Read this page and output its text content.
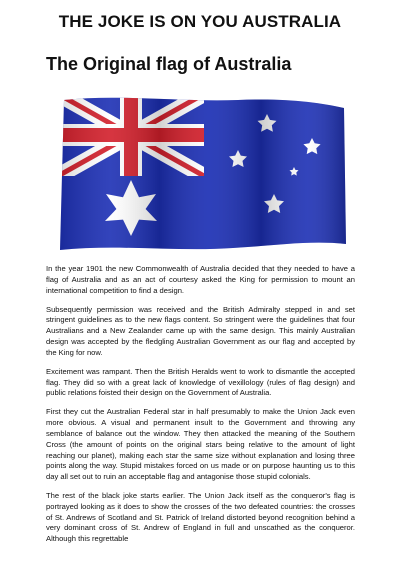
THE JOKE IS ON YOU AUSTRALIA
The Original flag of Australia

In the year 1901 the new Commonwealth of Australia decided that they needed to have a flag of Australia and as an act of courtesy asked the King for permission to mount an international competition to find a design.

Subsequently permission was received and the British Admiralty stepped in and set stringent guidelines as to the new flags content. So stringent were the guidelines that four Australians and a New Zealander came up with the same design. This mainly Australian design was accepted by the fledgling Australian Government as our flag and accepted by the King for now.

Excitement was rampant. Then the British Heralds went to work to dismantle the accepted flag. They did so with a great lack of knowledge of vexillology (rules of flag design) and public relations foisted their design on the Government of Australia.

First they cut the Australian Federal star in half presumably to make the Union Jack even more obvious. A visual and permanent insult to the Government and throwing any semblance of balance out the window. They then attacked the meaning of the Southern Cross (the amount of points on the original stars being relative to the amount of light reaching our planet), making each star the same size without explanation and losing three points along the way. Stupid mistakes forced on us made or on purpose haunting us to this day all set out to ruin an acceptable flag and antagonise those stupid colonials.

The rest of the black joke starts earlier. The Union Jack itself as the conqueror's flag is portrayed looking as it does to show the crosses of the two defeated countries: the crosses of St. Andrews of Scotland and St. Patrick of Ireland distorted beyond recognition behind a very dominant cross of St. Andrew of England in full and unscathed as the conqueror. Although this regrettable
